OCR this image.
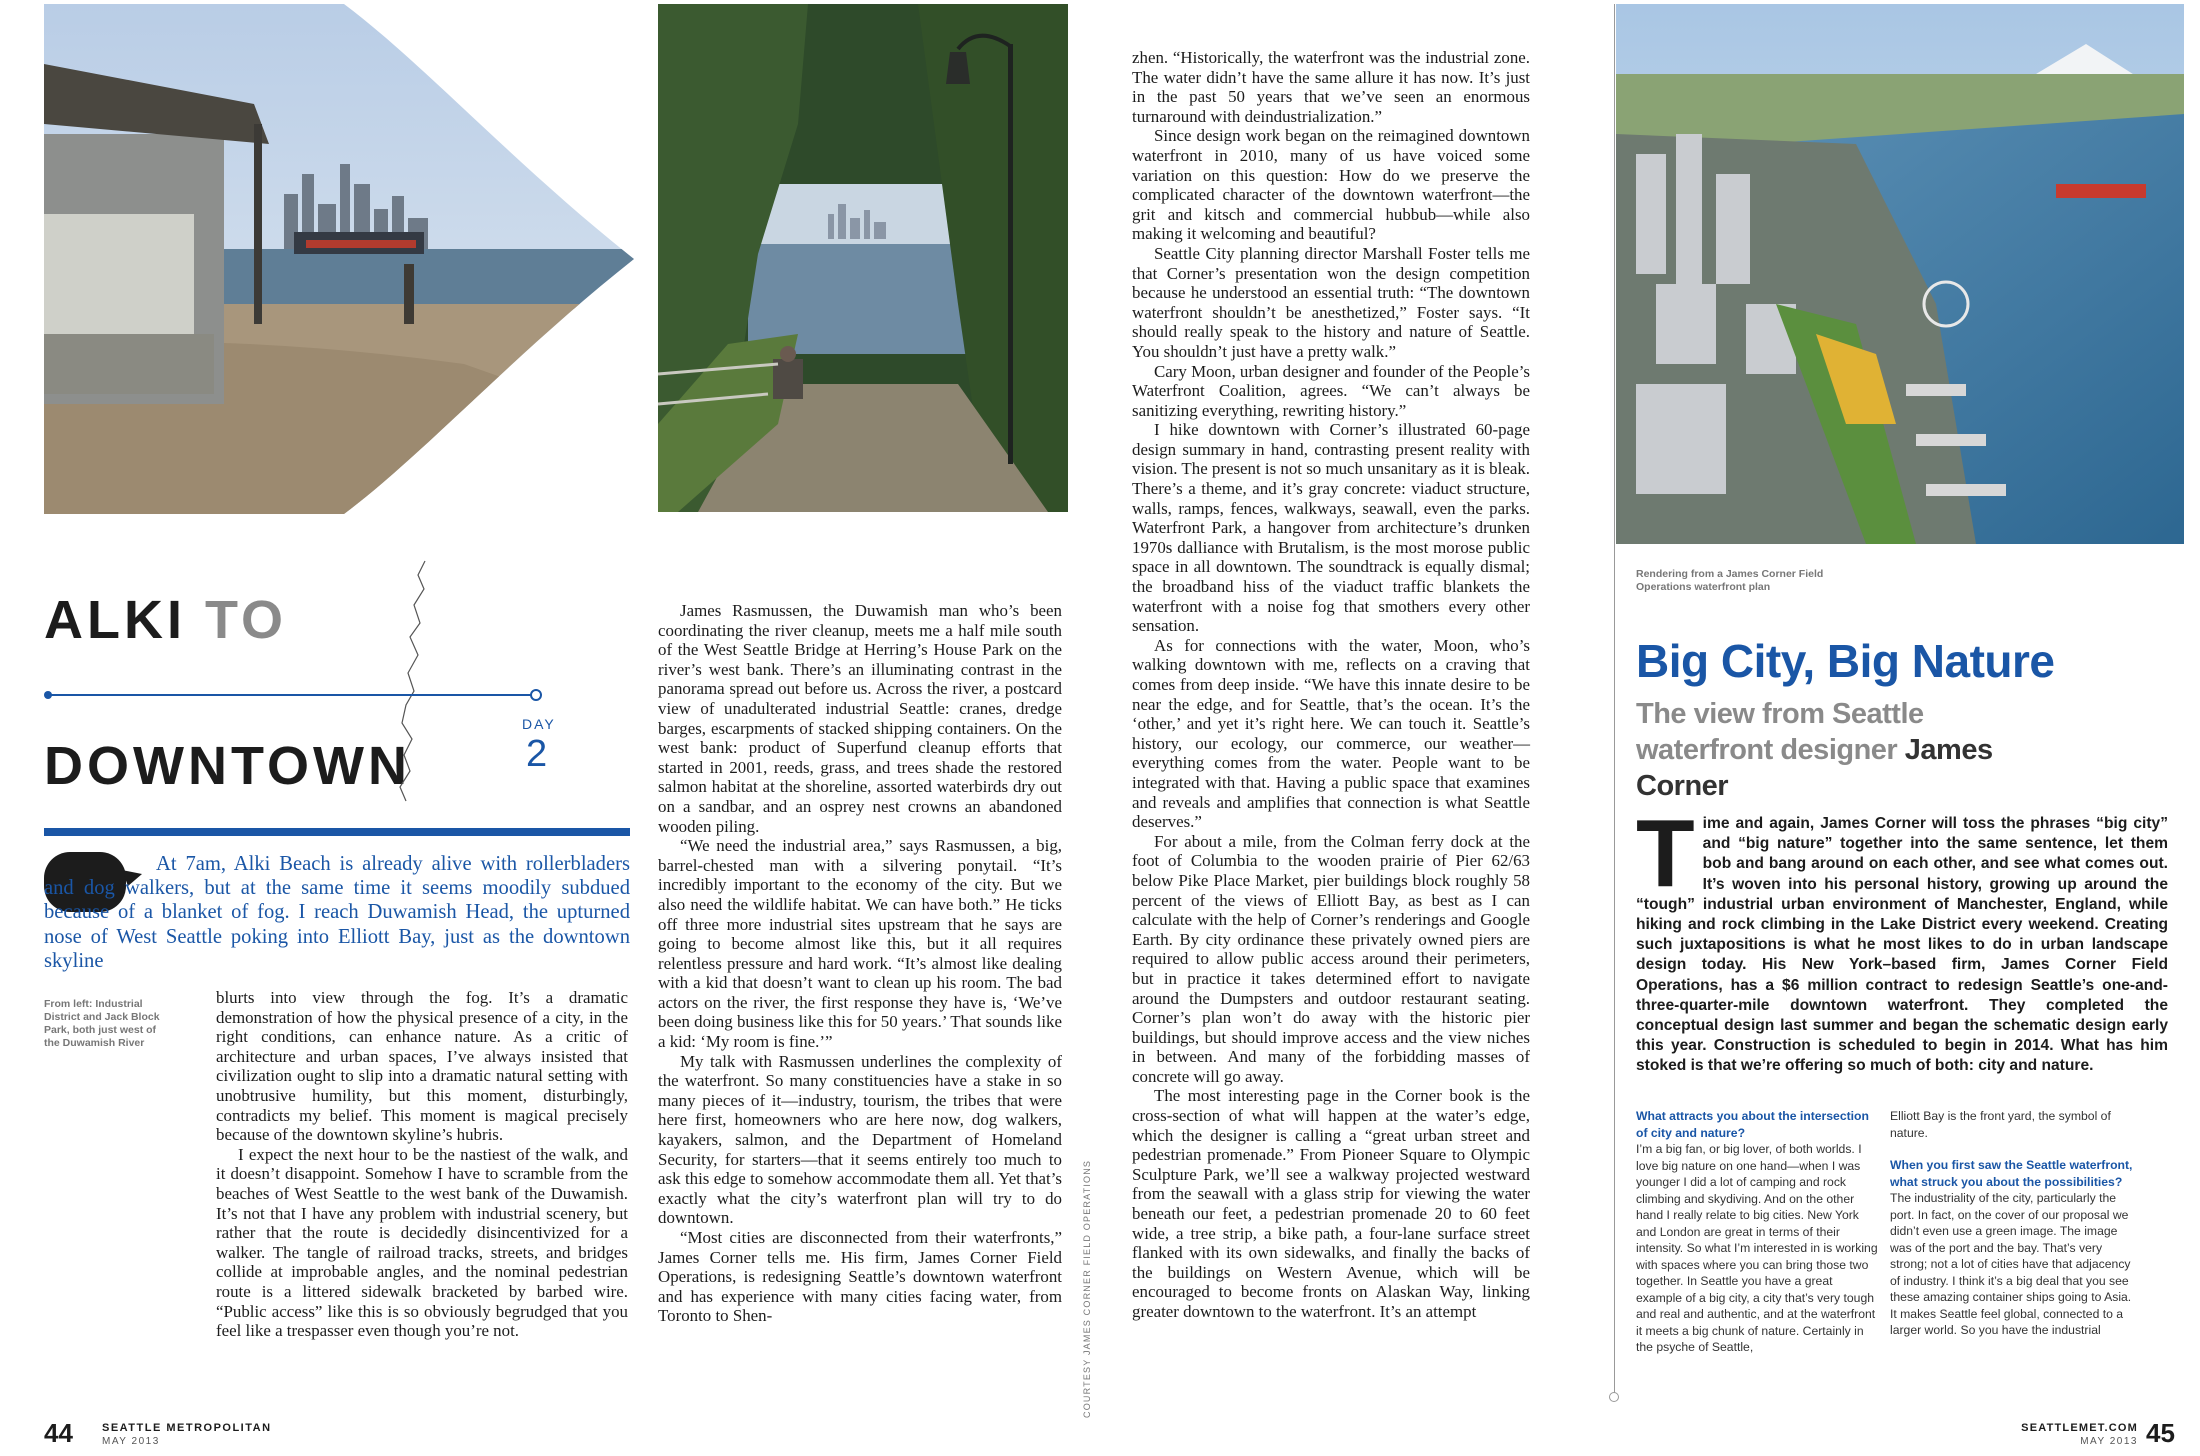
ALKI TO
DOWNTOWN
DAY
2
At 7am, Alki Beach is already alive with rollerbladers and dog walkers, but at the same time it seems moodily subdued because of a blanket of fog. I reach Duwamish Head, the upturned nose of West Seattle poking into Elliott Bay, just as the downtown skyline
From left: Industrial District and Jack Block Park, both just west of the Duwamish River

blurts into view through the fog. It’s a dramatic demonstration of how the physical presence of a city, in the right conditions, can enhance nature. As a critic of architecture and urban spaces, I’ve always insisted that civilization ought to slip into a dramatic natural setting with unobtrusive humility, but this moment, disturbingly, contradicts my belief. This moment is magical precisely because of the downtown skyline’s hubris.

I expect the next hour to be the nastiest of the walk, and it doesn’t disappoint. Somehow I have to scramble from the beaches of West Seattle to the west bank of the Duwamish. It’s not that I have any problem with industrial scenery, but rather that the route is decidedly disincentivized for a walker. The tangle of railroad tracks, streets, and bridges collide at improbable angles, and the nominal pedestrian route is a littered sidewalk bracketed by barbed wire. “Public access” like this is so obviously begrudged that you feel like a trespasser even though you’re not.

James Rasmussen, the Duwamish man who’s been coordinating the river cleanup, meets me a half mile south of the West Seattle Bridge at Herring’s House Park on the river’s west bank. There’s an illuminating contrast in the panorama spread out before us. Across the river, a postcard view of unadulterated industrial Seattle: cranes, dredge barges, escarpments of stacked shipping containers. On the west bank: product of Superfund cleanup efforts that started in 2001, reeds, grass, and trees shade the restored salmon habitat at the shoreline, assorted waterbirds dry out on a sandbar, and an osprey nest crowns an abandoned wooden piling.

“We need the industrial area,” says Rasmussen, a big, barrel-chested man with a silvering ponytail. “It’s incredibly important to the economy of the city. But we also need the wildlife habitat. We can have both.” He ticks off three more industrial sites upstream that he says are going to become almost like this, but it all requires relentless pressure and hard work. “It’s almost like dealing with a kid that doesn’t want to clean up his room. The bad actors on the river, the first response they have is, ‘We’ve been doing business like this for 50 years.’ That sounds like a kid: ‘My room is fine.’”

My talk with Rasmussen underlines the complexity of the waterfront. So many constituencies have a stake in so many pieces of it—industry, tourism, the tribes that were here first, homeowners who are here now, dog walkers, kayakers, salmon, and the Department of Homeland Security, for starters—that it seems entirely too much to ask this edge to somehow accommodate them all. Yet that’s exactly what the city’s waterfront plan will try to do downtown.

“Most cities are disconnected from their waterfronts,” James Corner tells me. His firm, James Corner Field Operations, is redesigning Seattle’s downtown waterfront and has experience with many cities facing water, from Toronto to Shen-	COURTESY JAMES CORNER FIELD OPERATIONS

zhen. “Historically, the waterfront was the industrial zone. The water didn’t have the same allure it has now. It’s just in the past 50 years that we’ve seen an enormous turnaround with deindustrialization.”

Since design work began on the reimagined downtown waterfront in 2010, many of us have voiced some variation on this question: How do we preserve the complicated character of the downtown waterfront—the grit and kitsch and commercial hubbub—while also making it welcoming and beautiful?

Seattle City planning director Marshall Foster tells me that Corner’s presentation won the design competition because he understood an essential truth: “The downtown waterfront shouldn’t be anesthetized,” Foster says. “It should really speak to the history and nature of Seattle. You shouldn’t just have a pretty walk.”

Cary Moon, urban designer and founder of the People’s Waterfront Coalition, agrees. “We can’t always be sanitizing everything, rewriting history.”

I hike downtown with Corner’s illustrated 60-page design summary in hand, contrasting present reality with vision. The present is not so much unsanitary as it is bleak. There’s a theme, and it’s gray concrete: viaduct structure, walls, ramps, fences, walkways, seawall, even the parks. Waterfront Park, a hangover from architecture’s drunken 1970s dalliance with Brutalism, is the most morose public space in all downtown. The soundtrack is equally dismal; the broadband hiss of the viaduct traffic blankets the waterfront with a noise fog that smothers every other sensation.

As for connections with the water, Moon, who’s walking downtown with me, reflects on a craving that comes from deep inside. “We have this innate desire to be near the edge, and for Seattle, that’s the ocean. It’s the ‘other,’ and yet it’s right here. We can touch it. Seattle’s history, our ecology, our commerce, our weather—everything comes from the water. People want to be integrated with that. Having a public space that examines and reveals and amplifies that connection is what Seattle deserves.”

For about a mile, from the Colman ferry dock at the foot of Columbia to the wooden prairie of Pier 62/63 below Pike Place Market, pier buildings block roughly 58 percent of the views of Elliott Bay, as best as I can calculate with the help of Corner’s renderings and Google Earth. By city ordinance these privately owned piers are required to allow public access around their perimeters, but in practice it takes determined effort to navigate around the Dumpsters and outdoor restaurant seating. Corner’s plan won’t do away with the historic pier buildings, but should improve access and the view niches in between. And many of the forbidding masses of concrete will go away.

The most interesting page in the Corner book is the cross-section of what will happen at the water’s edge, which the designer is calling a “great urban street and pedestrian promenade.” From Pioneer Square to Olympic Sculpture Park, we’ll see a walkway projected westward from the seawall with a glass strip for viewing the water beneath our feet, a pedestrian promenade 20 to 60 feet wide, a tree strip, a bike path, a four-lane surface street flanked with its own sidewalks, and finally the backs of the buildings on Western Avenue, which will be encouraged to become fronts on Alaskan Way, linking greater downtown to the waterfront. It’s an attempt

44	SEATTLE METROPOLITAN
MAY 2013
Rendering from a James Corner Field Operations waterfront plan
Big City, Big Nature
The view from Seattle waterfront designer James Corner
T ime and again, James Corner will toss the phrases “big city” and “big nature” together into the same sentence, let them bob and bang around on each other, and see what comes out. It’s woven into his personal history, growing up around the “tough” industrial urban environment of Manchester, England, while hiking and rock climbing in the Lake District every weekend. Creating such juxtapositions is what he most likes to do in urban landscape design today. His New York–based firm, James Corner Field Operations, has a $6 million contract to redesign Seattle’s one-and-three-quarter-mile downtown waterfront. They completed the conceptual design last summer and began the schematic design early this year. Construction is scheduled to begin in 2014. What has him stoked is that we’re offering so much of both: city and nature.

What attracts you about the intersection of city and nature?

I’m a big fan, or big lover, of both worlds. I love big nature on one hand—when I was younger I did a lot of camping and rock climbing and skydiving. And on the other hand I really relate to big cities. New York and London are great in terms of their intensity. So what I’m interested in is working with spaces where you can bring those two together. In Seattle you have a great example of a big city, a city that’s very tough and real and authentic, and at the waterfront it meets a big chunk of nature. Certainly in the psyche of Seattle,

Elliott Bay is the front yard, the symbol of nature.

When you first saw the Seattle waterfront, what struck you about the possibilities?

The industriality of the city, particularly the port. In fact, on the cover of our proposal we didn’t even use a green image. The image was of the port and the bay. That’s very strong; not a lot of cities have that adjacency of industry. I think it’s a big deal that you see these amazing container ships going to Asia. It makes Seattle feel global, connected to a larger world. So you have the industrial

SEATTLEMET.COM
MAY 2013 45
